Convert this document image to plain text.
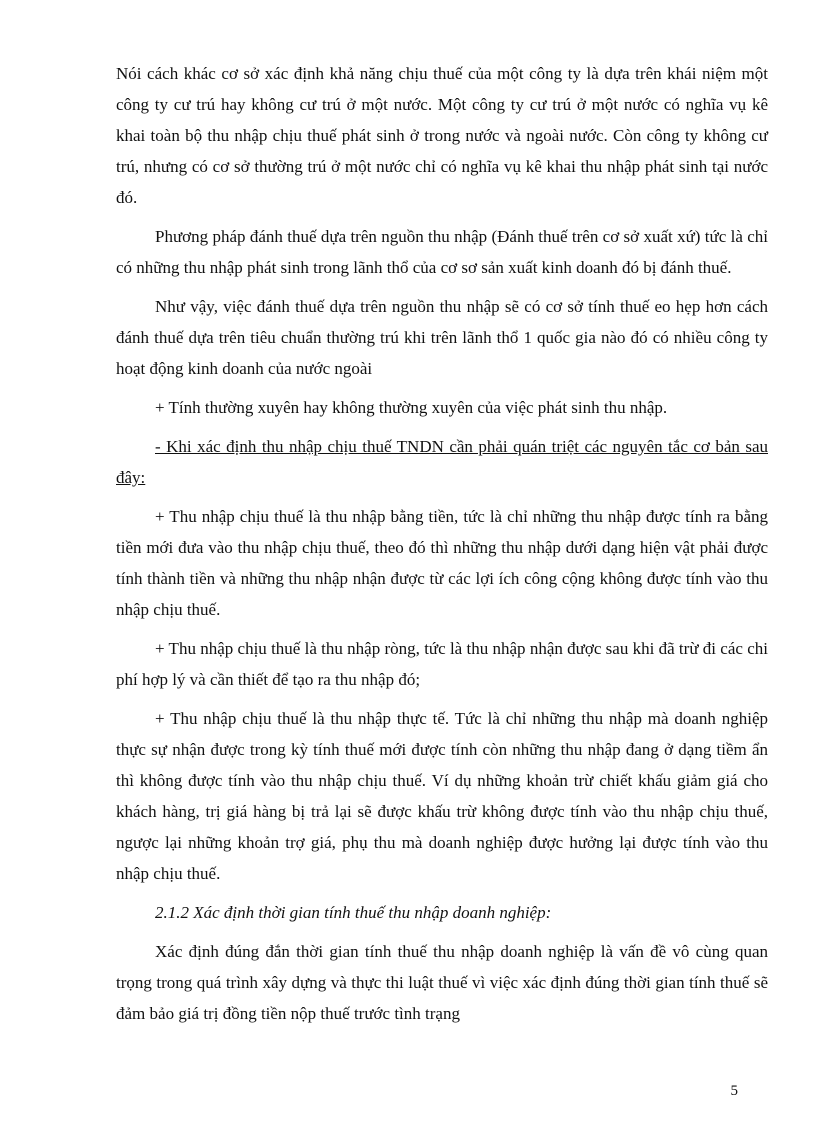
Nói cách khác cơ sở xác định khả năng chịu thuế của một công ty là dựa trên khái niệm một công ty cư trú hay không cư trú ở một nước. Một công ty cư trú ở một nước có nghĩa vụ kê khai toàn bộ thu nhập chịu thuế phát sinh ở trong nước và ngoài nước. Còn công ty không cư trú, nhưng có cơ sở thường trú ở một nước chỉ có nghĩa vụ kê khai thu nhập phát sinh tại nước đó.

Phương pháp đánh thuế dựa trên nguồn thu nhập (Đánh thuế trên cơ sở xuất xứ) tức là chỉ có những thu nhập phát sinh trong lãnh thổ của cơ sơ sản xuất kinh doanh đó bị đánh thuế.

Như vậy, việc đánh thuế dựa trên nguồn thu nhập sẽ có cơ sở tính thuế eo hẹp hơn cách đánh thuế dựa trên tiêu chuẩn thường trú khi trên lãnh thổ 1 quốc gia nào đó có nhiều công ty hoạt động kinh doanh của nước ngoài

+ Tính thường xuyên hay không thường xuyên của việc phát sinh thu nhập.

- Khi xác định thu nhập chịu thuế TNDN cần phải quán triệt các nguyên tắc cơ bản sau đây:

+ Thu nhập chịu thuế là thu nhập bằng tiền, tức là chỉ những thu nhập được tính ra bằng tiền mới đưa vào thu nhập chịu thuế, theo đó thì những thu nhập dưới dạng hiện vật phải được tính thành tiền và những thu nhập nhận được từ các lợi ích công cộng không được tính vào thu nhập chịu thuế.

+ Thu nhập chịu thuế là thu nhập ròng, tức là thu nhập nhận được sau khi đã trừ đi các chi phí hợp lý và cần thiết để tạo ra thu nhập đó;

+ Thu nhập chịu thuế là thu nhập thực tế. Tức là chỉ những thu nhập mà doanh nghiệp thực sự nhận được trong kỳ tính thuế mới được tính còn những thu nhập đang ở dạng tiềm ẩn thì không được tính vào thu nhập chịu thuế. Ví dụ những khoản trừ chiết khấu giảm giá cho khách hàng, trị giá hàng bị trả lại sẽ được khấu trừ không được tính vào thu nhập chịu thuế, ngược lại những khoản trợ giá, phụ thu mà doanh nghiệp được hưởng lại được tính vào thu nhập chịu thuế.

2.1.2 Xác định thời gian tính thuế thu nhập doanh nghiệp:

Xác định đúng đắn thời gian tính thuế thu nhập doanh nghiệp là vấn đề vô cùng quan trọng trong quá trình xây dựng và thực thi luật thuế vì việc xác định đúng thời gian tính thuế sẽ đảm bảo giá trị đồng tiền nộp thuế trước tình trạng

5
